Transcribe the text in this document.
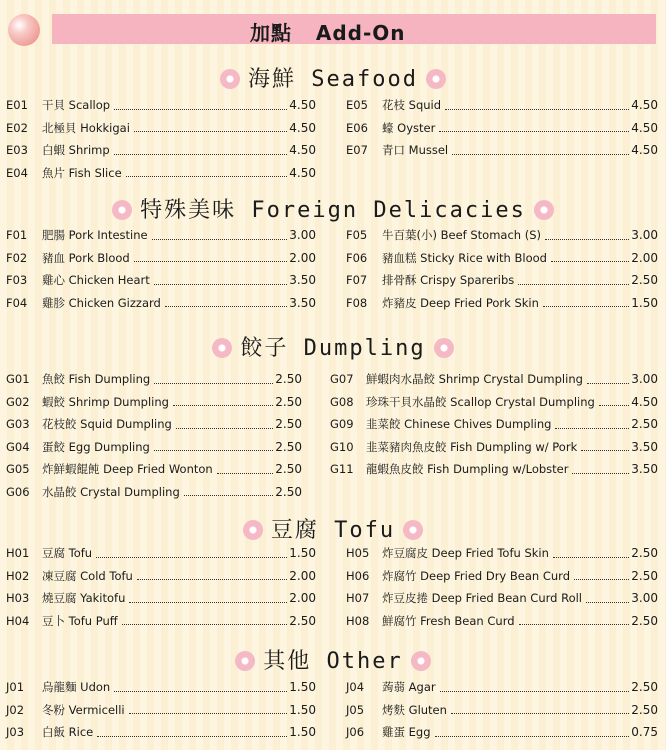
加點   Add-On
海鮮 Seafood
E01	干貝 Scallop	4.50
E02	北極貝 Hokkigai	4.50
E03	白蝦 Shrimp	4.50
E04	魚片 Fish Slice	4.50
E05	花枝 Squid	4.50
E06	蠔 Oyster	4.50
E07	青口 Mussel	4.50
特殊美味 Foreign Delicacies
F01	肥腸 Pork Intestine	3.00
F02	豬血 Pork Blood	2.00
F03	雞心 Chicken Heart	3.50
F04	雞胗 Chicken Gizzard	3.50
F05	牛百葉(小) Beef Stomach (S)	3.00
F06	豬血糕 Sticky Rice with Blood	2.00
F07	排骨酥 Crispy Spareribs	2.50
F08	炸豬皮 Deep Fried Pork Skin	1.50
餃子 Dumpling
G01	魚餃 Fish Dumpling	2.50
G02	蝦餃 Shrimp Dumpling	2.50
G03	花枝餃 Squid Dumpling	2.50
G04	蛋餃 Egg Dumpling	2.50
G05	炸鮮蝦餛飩 Deep Fried Wonton	2.50
G06	水晶餃 Crystal Dumpling	2.50
G07	鮮蝦肉水晶餃 Shrimp Crystal Dumpling	3.00
G08	珍珠干貝水晶餃 Scallop Crystal Dumpling	4.50
G09	韭菜餃 Chinese Chives Dumpling	2.50
G10	韭菜豬肉魚皮餃 Fish Dumpling w/ Pork	3.50
G11	龍蝦魚皮餃 Fish Dumpling w/Lobster	3.50
豆腐 Tofu
H01	豆腐 Tofu	1.50
H02	凍豆腐 Cold Tofu	2.00
H03	燒豆腐 Yakitofu	2.00
H04	豆卜 Tofu Puff	2.50
H05	炸豆腐皮 Deep Fried Tofu Skin	2.50
H06	炸腐竹 Deep Fried Dry Bean Curd	2.50
H07	炸豆皮捲 Deep Fried Bean Curd Roll	3.00
H08	鮮腐竹 Fresh Bean Curd	2.50
其他 Other
J01	烏龍麵 Udon	1.50
J02	冬粉 Vermicelli	1.50
J03	白飯 Rice	1.50
J04	蒟蒻 Agar	2.50
J05	烤麩 Gluten	2.50
J06	雞蛋 Egg	0.75
